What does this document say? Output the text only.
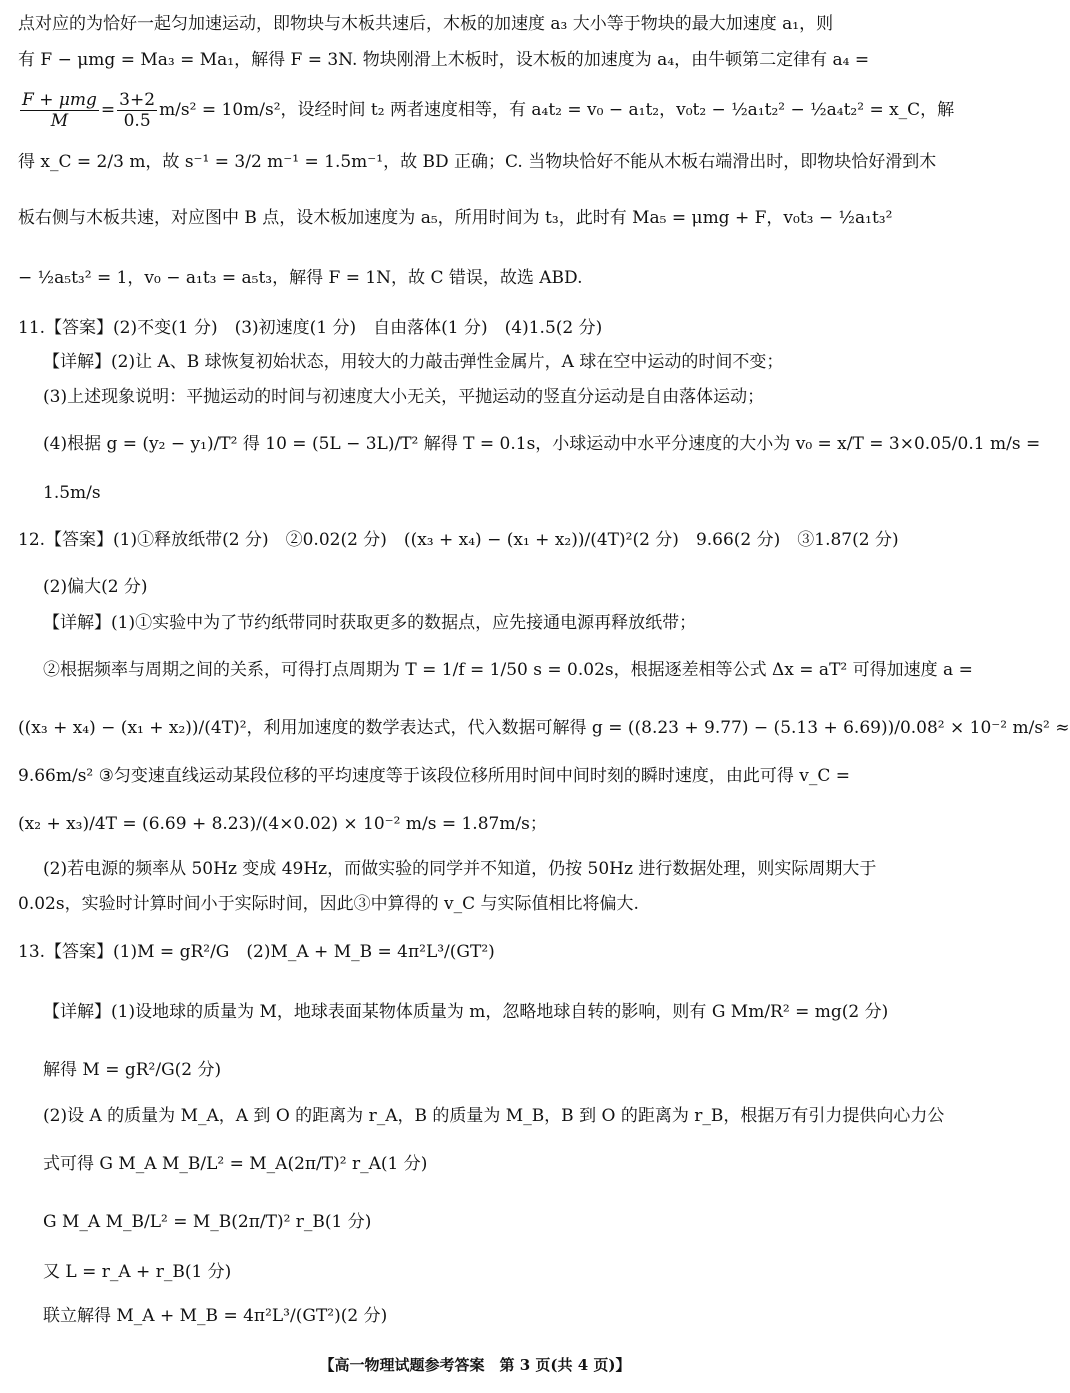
点对应的为恰好一起匀加速运动，即物块与木板共速后，木板的加速度 a₃ 大小等于物块的最大加速度 a₁，则
有 F − μmg = Ma₃ = Ma₁，解得 F = 3N. 物块刚滑上木板时，设木板的加速度为 a₄，由牛顿第二定律有 a₄ =
F + μmg
M
= $\frac{3+2}{0.5} m/s^2 = 10m/s^2$，设经时间 t₂ 两者速度相等，有 a₄t₂ = v₀ − a₁t₂，v₀t₂ − ½a₁t₂² − ½a₄t₂² = x_C，解
得 x_C = 2/3 m，故 s⁻¹ = 3/2 m⁻¹ = 1.5m⁻¹，故 BD 正确；C. 当物块恰好不能从木板右端滑出时，即物块恰好滑到木
板右侧与木板共速，对应图中 B 点，设木板加速度为 a₅，所用时间为 t₃，此时有 Ma₅ = μmg + F，v₀t₃ − ½a₁t₃²
− ½a₅t₃² = 1，v₀ − a₁t₃ = a₅t₃，解得 F = 1N，故 C 错误，故选 ABD.
11.【答案】(2)不变(1 分)　(3)初速度(1 分)　自由落体(1 分)　(4)1.5(2 分)
【详解】(2)让 A、B 球恢复初始状态，用较大的力敲击弹性金属片，A 球在空中运动的时间不变；
(3)上述现象说明：平抛运动的时间与初速度大小无关，平抛运动的竖直分运动是自由落体运动；
(4)根据 g = (y₂ − y₁)/T² 得 10 = (5L − 3L)/T² 解得 T = 0.1s，小球运动中水平分速度的大小为 v₀ = x/T = 3×0.05/0.1 m/s =
1.5m/s
12.【答案】(1)①释放纸带(2 分)　②0.02(2 分)　((x₃ + x₄) − (x₁ + x₂))/(4T)²(2 分)　9.66(2 分)　③1.87(2 分)
(2)偏大(2 分)
【详解】(1)①实验中为了节约纸带同时获取更多的数据点，应先接通电源再释放纸带；
②根据频率与周期之间的关系，可得打点周期为 T = 1/f = 1/50 s = 0.02s，根据逐差相等公式 Δx = aT² 可得加速度 a =
((x₃ + x₄) − (x₁ + x₂))/(4T)²，利用加速度的数学表达式，代入数据可解得 g = ((8.23 + 9.77) − (5.13 + 6.69))/0.08² × 10⁻² m/s² ≈
9.66m/s² ③匀变速直线运动某段位移的平均速度等于该段位移所用时间中间时刻的瞬时速度，由此可得 v_C =
(x₂ + x₃)/4T = (6.69 + 8.23)/(4×0.02) × 10⁻² m/s = 1.87m/s；
(2)若电源的频率从 50Hz 变成 49Hz，而做实验的同学并不知道，仍按 50Hz 进行数据处理，则实际周期大于
0.02s，实验时计算时间小于实际时间，因此③中算得的 v_C 与实际值相比将偏大.
13.【答案】(1)M = gR²/G　(2)M_A + M_B = 4π²L³/(GT²)
【详解】(1)设地球的质量为 M，地球表面某物体质量为 m，忽略地球自转的影响，则有 G Mm/R² = mg(2 分)
解得 M = gR²/G(2 分)
(2)设 A 的质量为 M_A，A 到 O 的距离为 r_A，B 的质量为 M_B，B 到 O 的距离为 r_B，根据万有引力提供向心力公
式可得 G M_A M_B/L² = M_A(2π/T)² r_A(1 分)
G M_A M_B/L² = M_B(2π/T)² r_B(1 分)
又 L = r_A + r_B(1 分)
联立解得 M_A + M_B = 4π²L³/(GT²)(2 分)
【高一物理试题参考答案　第 3 页(共 4 页)】
